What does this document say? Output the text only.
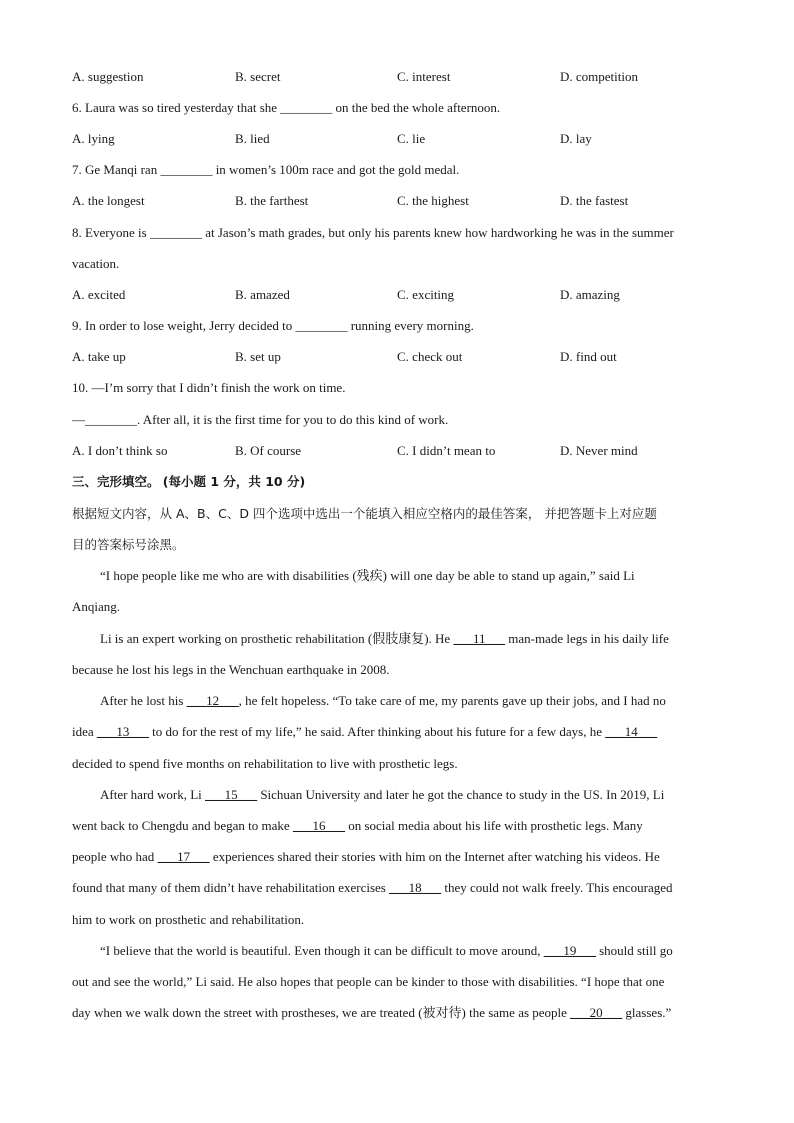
A. suggestion	B. secret	C. interest	D. competition
6. Laura was so tired yesterday that she ________ on the bed the whole afternoon.
A. lying	B. lied	C. lie	D. lay
7. Ge Manqi ran ________ in women’s 100m race and got the gold medal.
A. the longest	B. the farthest	C. the highest	D. the fastest
8. Everyone is ________ at Jason’s math grades, but only his parents knew how hardworking he was in the summer
vacation.
A. excited	B. amazed	C. exciting	D. amazing
9. In order to lose weight, Jerry decided to ________ running every morning.
A. take up	B. set up	C. check out	D. find out
10. —I’m sorry that I didn’t finish the work on time.
—________. After all, it is the first time for you to do this kind of work.
A. I don’t think so	B. Of course	C. I didn’t mean to	D. Never mind
三、完形填空。 (每小题 1 分，共 10 分)
根据短文内容，从 A、B、C、D 四个选项中选出一个能填入相应空格内的最佳答案， 并把答题卡上对应题
目的答案标号涂黑。
“I hope people like me who are with disabilities (残疾) will one day be able to stand up again,” said Li
Anqiang.
Li is an expert working on prosthetic rehabilitation (假肢康复). He ___11___ man-made legs in his daily life
because he lost his legs in the Wenchuan earthquake in 2008.
After he lost his ___12___, he felt hopeless. “To take care of me, my parents gave up their jobs, and I had no
idea ___13___ to do for the rest of my life,” he said. After thinking about his future for a few days, he ___14___
decided to spend five months on rehabilitation to live with prosthetic legs.
After hard work, Li ___15___ Sichuan University and later he got the chance to study in the US. In 2019, Li
went back to Chengdu and began to make ___16___ on social media about his life with prosthetic legs. Many
people who had ___17___ experiences shared their stories with him on the Internet after watching his videos. He
found that many of them didn’t have rehabilitation exercises ___18___ they could not walk freely. This encouraged
him to work on prosthetic and rehabilitation.
“I believe that the world is beautiful. Even though it can be difficult to move around, ___19___ should still go
out and see the world,” Li said. He also hopes that people can be kinder to those with disabilities. “I hope that one
day when we walk down the street with prostheses, we are treated (被对待) the same as people ___20___ glasses.”
